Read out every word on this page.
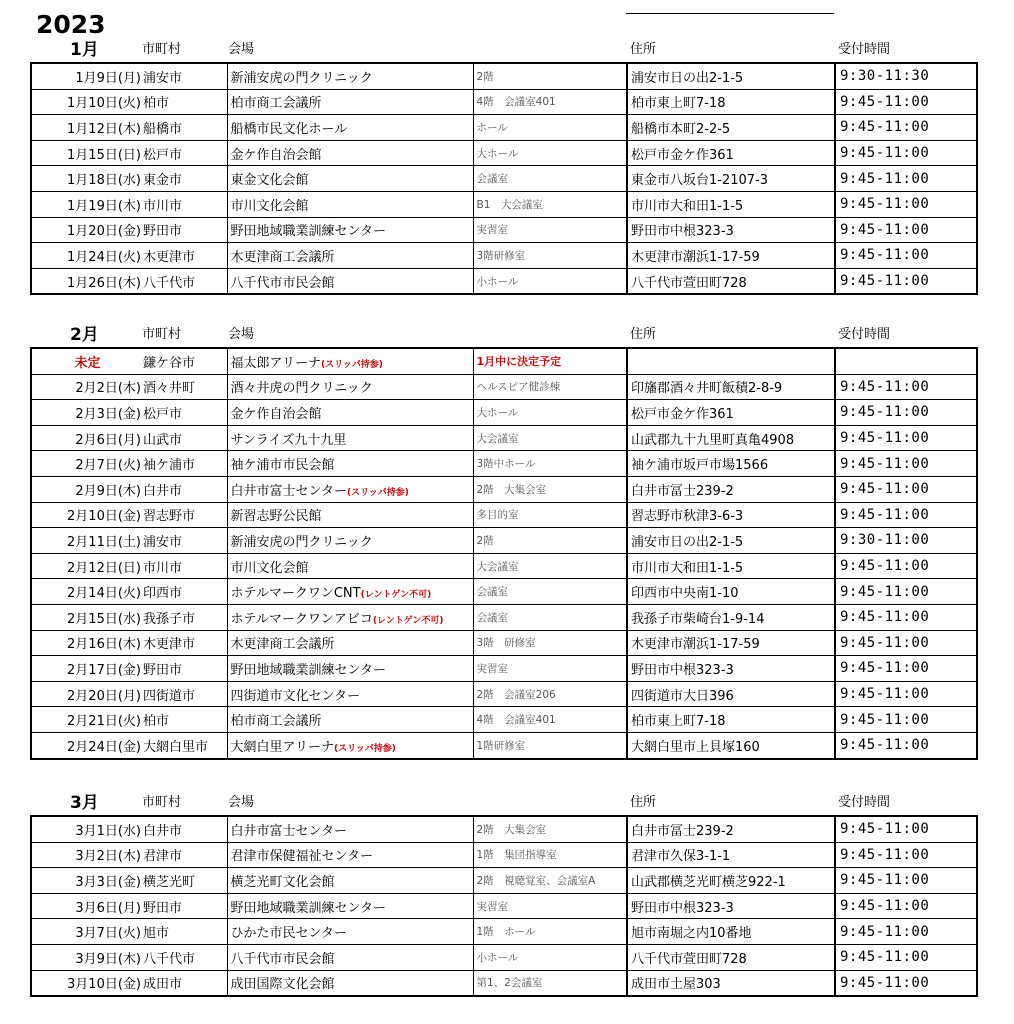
2023
1月	市町村	会場	住所	受付時間
1月9日(月)	浦安市	新浦安虎の門クリニック	2階	浦安市日の出2-1-5	9:30-11:30
1月10日(火)	柏市	柏市商工会議所	4階　会議室401	柏市東上町7-18	9:45-11:00
1月12日(木)	船橋市	船橋市民文化ホール	ホール	船橋市本町2-2-5	9:45-11:00
1月15日(日)	松戸市	金ケ作自治会館	大ホール	松戸市金ケ作361	9:45-11:00
1月18日(水)	東金市	東金文化会館	会議室	東金市八坂台1-2107-3	9:45-11:00
1月19日(木)	市川市	市川文化会館	B1　大会議室	市川市大和田1-1-5	9:45-11:00
1月20日(金)	野田市	野田地域職業訓練センター	実習室	野田市中根323-3	9:45-11:00
1月24日(火)	木更津市	木更津商工会議所	3階研修室	木更津市潮浜1-17-59	9:45-11:00
1月26日(木)	八千代市	八千代市市民会館	小ホール	八千代市萱田町728	9:45-11:00
2月	市町村	会場	住所	受付時間
未定	鎌ケ谷市	福太郎アリーナ(スリッパ持参)	1月中に決定予定		
2月2日(木)	酒々井町	酒々井虎の門クリニック	ヘルスピア健診棟	印旛郡酒々井町飯積2-8-9	9:45-11:00
2月3日(金)	松戸市	金ケ作自治会館	大ホール	松戸市金ケ作361	9:45-11:00
2月6日(月)	山武市	サンライズ九十九里	大会議室	山武郡九十九里町真亀4908	9:45-11:00
2月7日(火)	袖ケ浦市	袖ケ浦市市民会館	3階中ホール	袖ケ浦市坂戸市場1566	9:45-11:00
2月9日(木)	白井市	白井市富士センター(スリッパ持参)	2階　大集会室	白井市冨士239-2	9:45-11:00
2月10日(金)	習志野市	新習志野公民館	多目的室	習志野市秋津3-6-3	9:45-11:00
2月11日(土)	浦安市	新浦安虎の門クリニック	2階	浦安市日の出2-1-5	9:30-11:00
2月12日(日)	市川市	市川文化会館	大会議室	市川市大和田1-1-5	9:45-11:00
2月14日(火)	印西市	ホテルマークワンCNT(レントゲン不可)	会議室	印西市中央南1-10	9:45-11:00
2月15日(水)	我孫子市	ホテルマークワンアビコ(レントゲン不可)	会議室	我孫子市柴崎台1-9-14	9:45-11:00
2月16日(木)	木更津市	木更津商工会議所	3階　研修室	木更津市潮浜1-17-59	9:45-11:00
2月17日(金)	野田市	野田地域職業訓練センター	実習室	野田市中根323-3	9:45-11:00
2月20日(月)	四街道市	四街道市文化センター	2階　会議室206	四街道市大日396	9:45-11:00
2月21日(火)	柏市	柏市商工会議所	4階　会議室401	柏市東上町7-18	9:45-11:00
2月24日(金)	大網白里市	大網白里アリーナ(スリッパ持参)	1階研修室	大網白里市上貝塚160	9:45-11:00
3月	市町村	会場	住所	受付時間
3月1日(水)	白井市	白井市富士センター	2階　大集会室	白井市冨士239-2	9:45-11:00
3月2日(木)	君津市	君津市保健福祉センター	1階　集団指導室	君津市久保3-1-1	9:45-11:00
3月3日(金)	横芝光町	横芝光町文化会館	2階　視聴覚室、会議室A	山武郡横芝光町横芝922-1	9:45-11:00
3月6日(月)	野田市	野田地域職業訓練センター	実習室	野田市中根323-3	9:45-11:00
3月7日(火)	旭市	ひかた市民センター	1階　ホール	旭市南堀之内10番地	9:45-11:00
3月9日(木)	八千代市	八千代市市民会館	小ホール	八千代市萱田町728	9:45-11:00
3月10日(金)	成田市	成田国際文化会館	第1、2会議室	成田市土屋303	9:45-11:00
